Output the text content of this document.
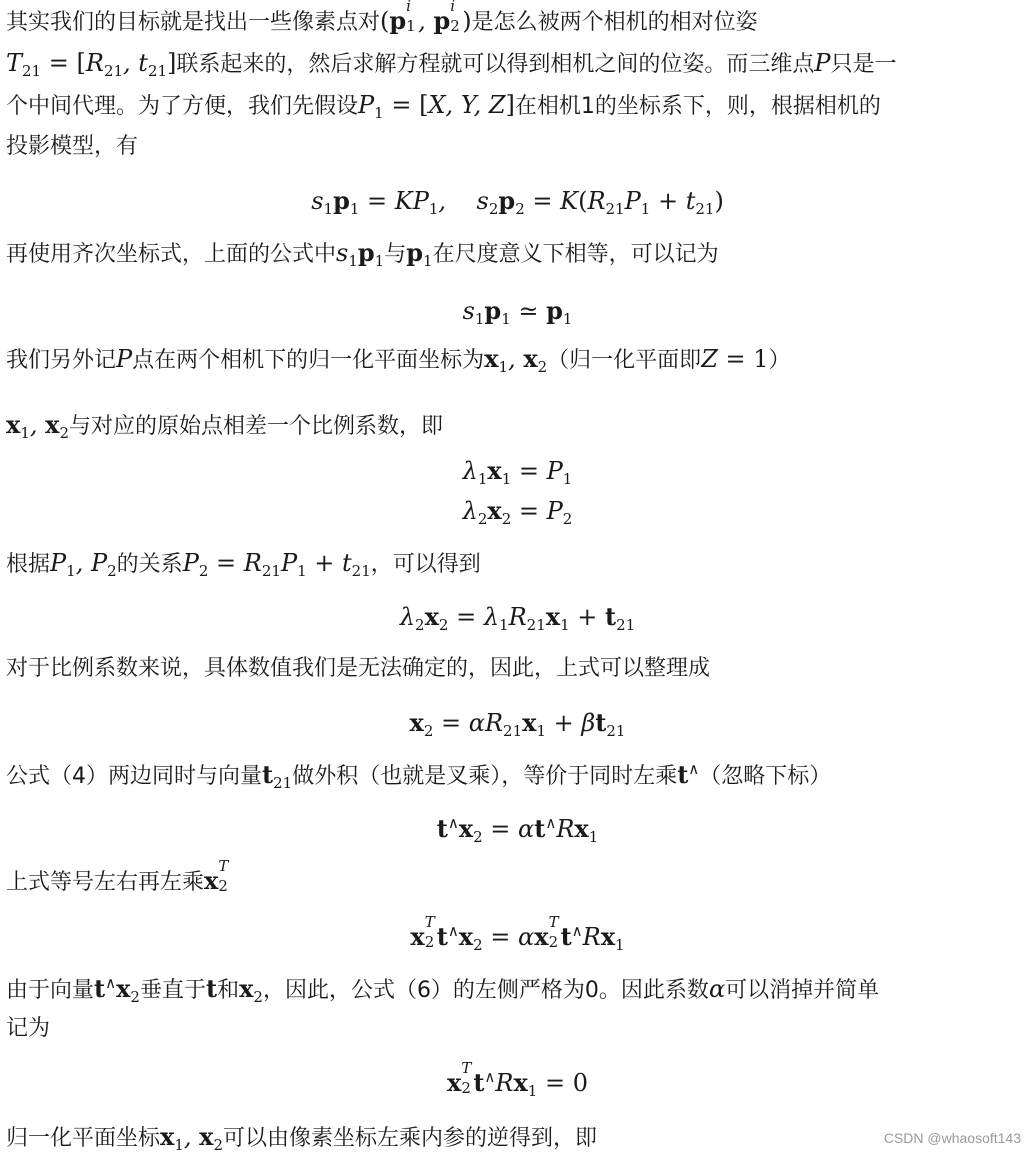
其实我们的目标就是找出一些像素点对(p i
1 , p i
2 )是怎么被两个相机的相对位姿
$T_{21} = [R_{21}$, $t_{21}$]联系起来的，然后求解方程就可以得到相机之间的位姿。而三维点P只是一
个中间代理。为了方便，我们先假设$P_1 = [X$, Y, Z]在相机1的坐标系下，则，根据相机的
投影模型，有
$s_1p_1 = KP_1$,    $s_2p_2 = K(R_{21}P_1 + t_{21})$
再使用齐次坐标式，上面的公式中$s_1p_1$与$p_1$在尺度意义下相等，可以记为
$s_1p_1$ ≃ $p_1$
我们另外记P点在两个相机下的归一化平面坐标为$x_1$, $x_2$（归一化平面即Z = 1）
$x_1$, $x_2$与对应的原始点相差一个比例系数，即
$\lambda_1x_1 = P_1$
$\lambda_2x_2 = P_2$
根据$P_1$, $P_2$的关系$P_2 = R_{21}P_1 + t_{21}$，可以得到
$\lambda_2x_2 = \lambda_1R_{21}x_1 + t_{21}$
对于比例系数来说，具体数值我们是无法确定的，因此，上式可以整理成
$x_2 = \alpha R_{21}x_1 + \beta t_{21}$
公式（4）两边同时与向量$t_{21}$做外积（也就是叉乘），等价于同时左乘t∧（忽略下标）
$t^\wedge x_2 = \alpha t^\wedge Rx_1$
上式等号左右再左乘x T
2
x T
2 $t^\wedge x_2 = \alpha x$ T
2 $t^\wedge Rx_1$
由于向量$t^\wedge x_2$垂直于t和$x_2$，因此，公式（6）的左侧严格为0。因此系数α可以消掉并简单
记为
x T
2 $t^\wedge Rx_1 = 0$
归一化平面坐标$x_1$, $x_2$可以由像素坐标左乘内参的逆得到，即	CSDN @whaosoft143
